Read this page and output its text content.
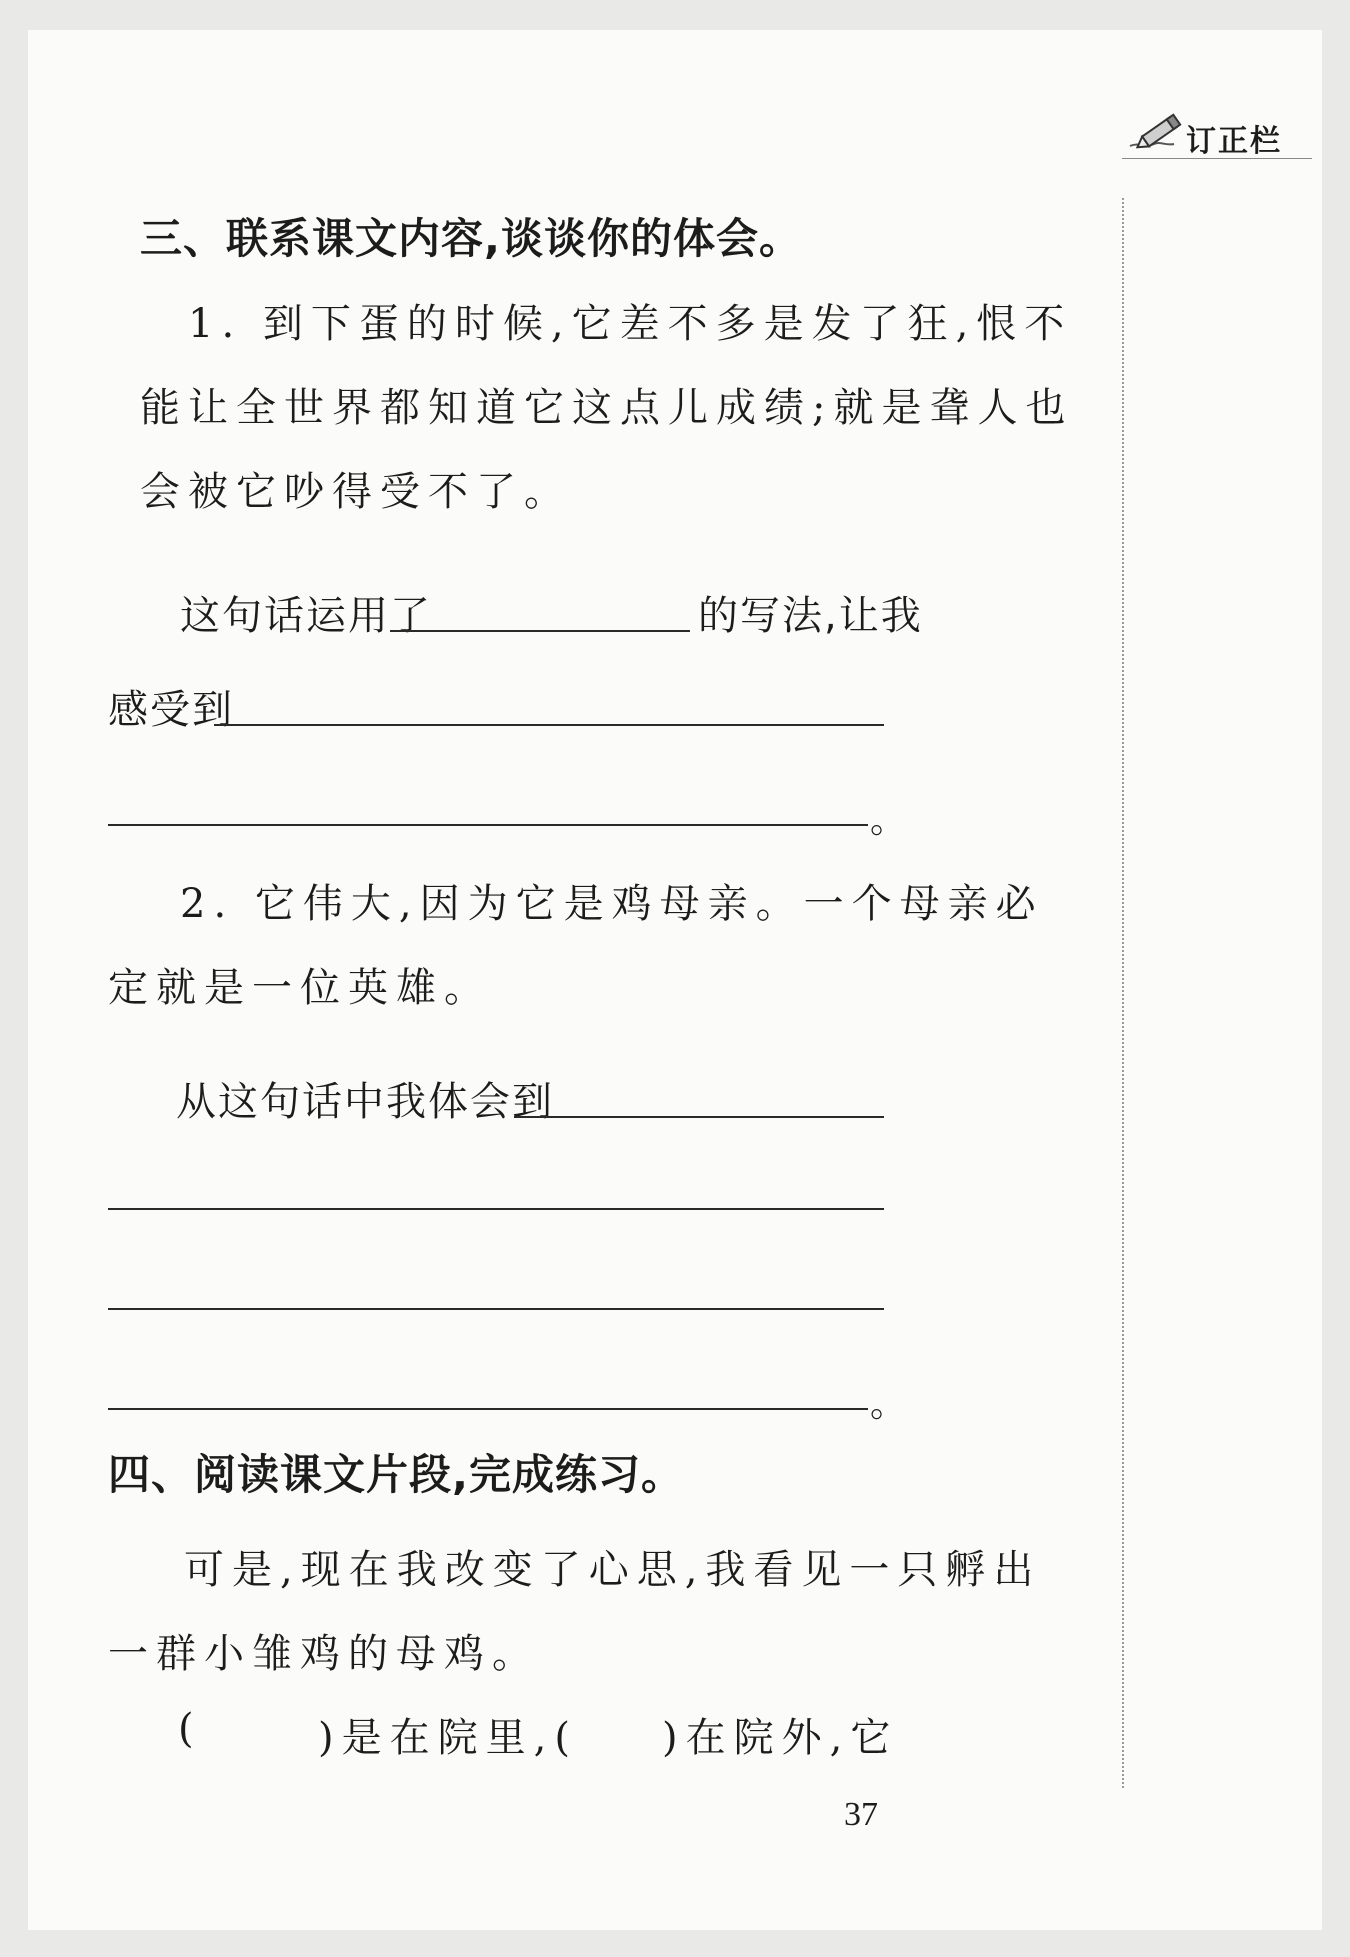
订正栏
三、联系课文内容,谈谈你的体会。
1. 到下蛋的时候,它差不多是发了狂,恨不
能让全世界都知道它这点儿成绩;就是聋人也
会被它吵得受不了。
这句话运用了	的写法,让我
感受到
。
2. 它伟大,因为它是鸡母亲。一个母亲必
定就是一位英雄。
从这句话中我体会到
。
四、阅读课文片段,完成练习。
可是,现在我改变了心思,我看见一只孵出
一群小雏鸡的母鸡。
(	)是在院里,( )在院外,它
37
